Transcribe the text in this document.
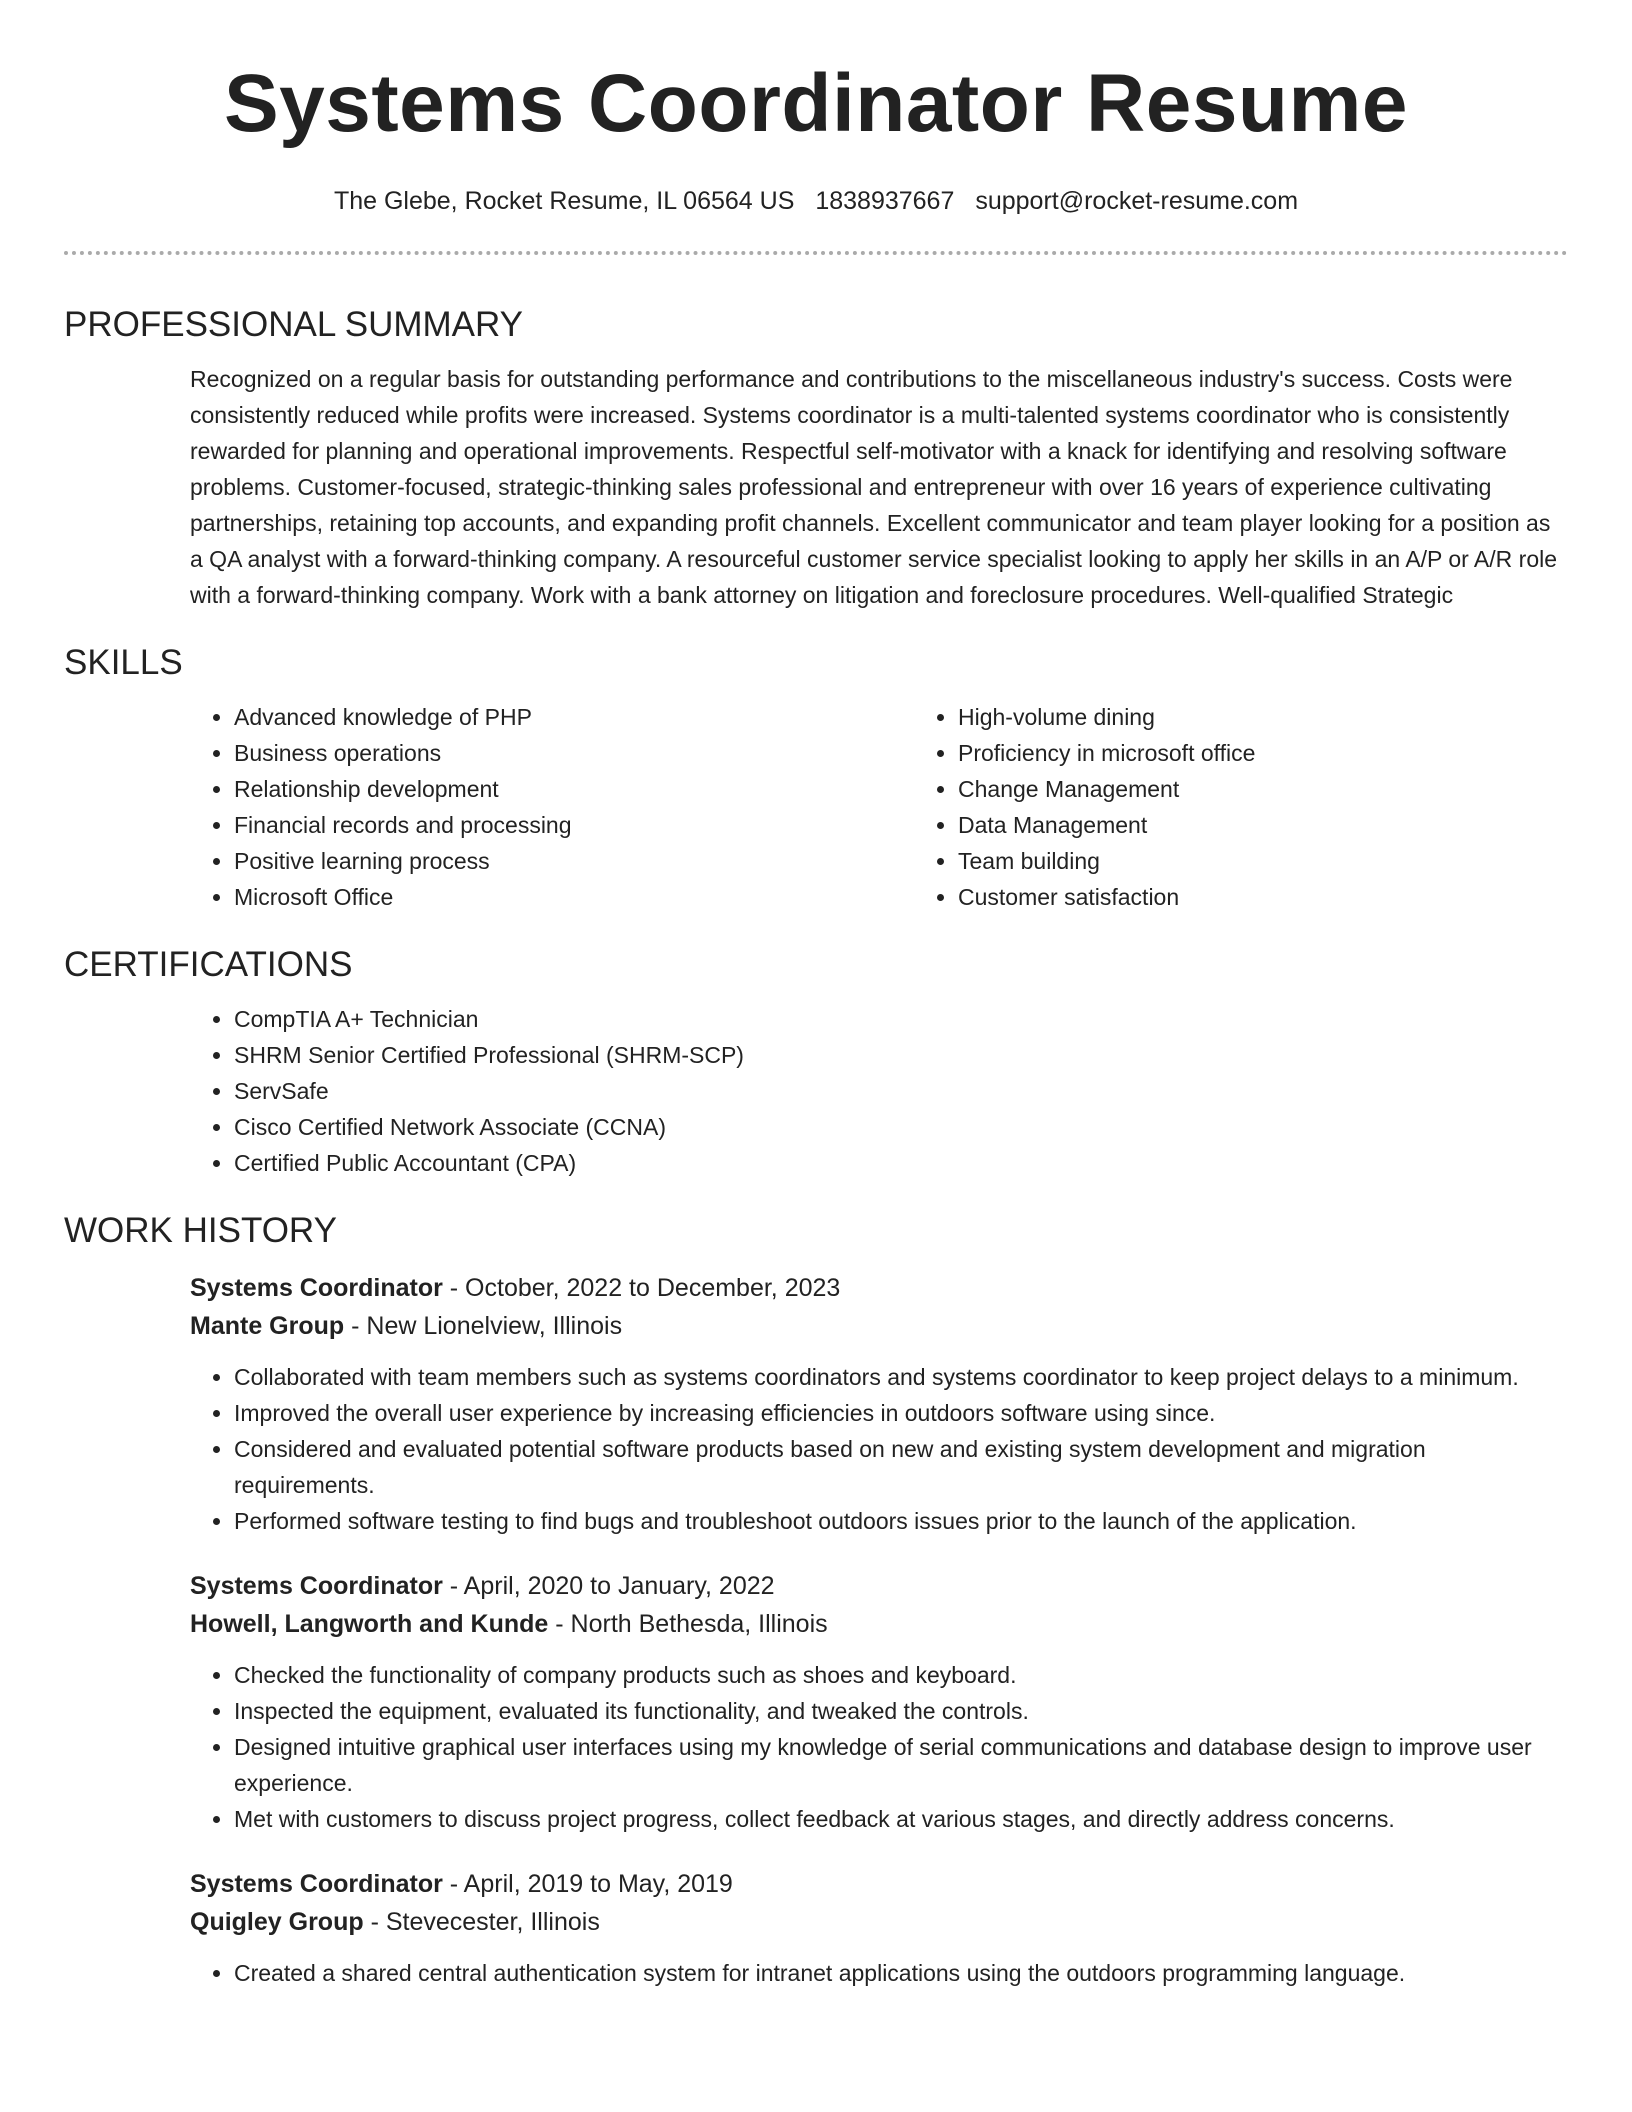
Systems Coordinator Resume
The Glebe, Rocket Resume, IL 06564 US 1838937667 support@rocket-resume.com
PROFESSIONAL SUMMARY
Recognized on a regular basis for outstanding performance and contributions to the miscellaneous industry's success. Costs were consistently reduced while profits were increased. Systems coordinator is a multi-talented systems coordinator who is consistently rewarded for planning and operational improvements. Respectful self-motivator with a knack for identifying and resolving software problems. Customer-focused, strategic-thinking sales professional and entrepreneur with over 16 years of experience cultivating partnerships, retaining top accounts, and expanding profit channels. Excellent communicator and team player looking for a position as a QA analyst with a forward-thinking company. A resourceful customer service specialist looking to apply her skills in an A/P or A/R role with a forward-thinking company. Work with a bank attorney on litigation and foreclosure procedures. Well-qualified Strategic
SKILLS
• Advanced knowledge of PHP
• Business operations
• Relationship development
• Financial records and processing
• Positive learning process
• Microsoft Office
• High-volume dining
• Proficiency in microsoft office
• Change Management
• Data Management
• Team building
• Customer satisfaction
CERTIFICATIONS
• CompTIA A+ Technician
• SHRM Senior Certified Professional (SHRM-SCP)
• ServSafe
• Cisco Certified Network Associate (CCNA)
• Certified Public Accountant (CPA)
WORK HISTORY
Systems Coordinator - October, 2022 to December, 2023
Mante Group - New Lionelview, Illinois
• Collaborated with team members such as systems coordinators and systems coordinator to keep project delays to a minimum.
• Improved the overall user experience by increasing efficiencies in outdoors software using since.
• Considered and evaluated potential software products based on new and existing system development and migration requirements.
• Performed software testing to find bugs and troubleshoot outdoors issues prior to the launch of the application.
Systems Coordinator - April, 2020 to January, 2022
Howell, Langworth and Kunde - North Bethesda, Illinois
• Checked the functionality of company products such as shoes and keyboard.
• Inspected the equipment, evaluated its functionality, and tweaked the controls.
• Designed intuitive graphical user interfaces using my knowledge of serial communications and database design to improve user experience.
• Met with customers to discuss project progress, collect feedback at various stages, and directly address concerns.
Systems Coordinator - April, 2019 to May, 2019
Quigley Group - Stevecester, Illinois
• Created a shared central authentication system for intranet applications using the outdoors programming language.
